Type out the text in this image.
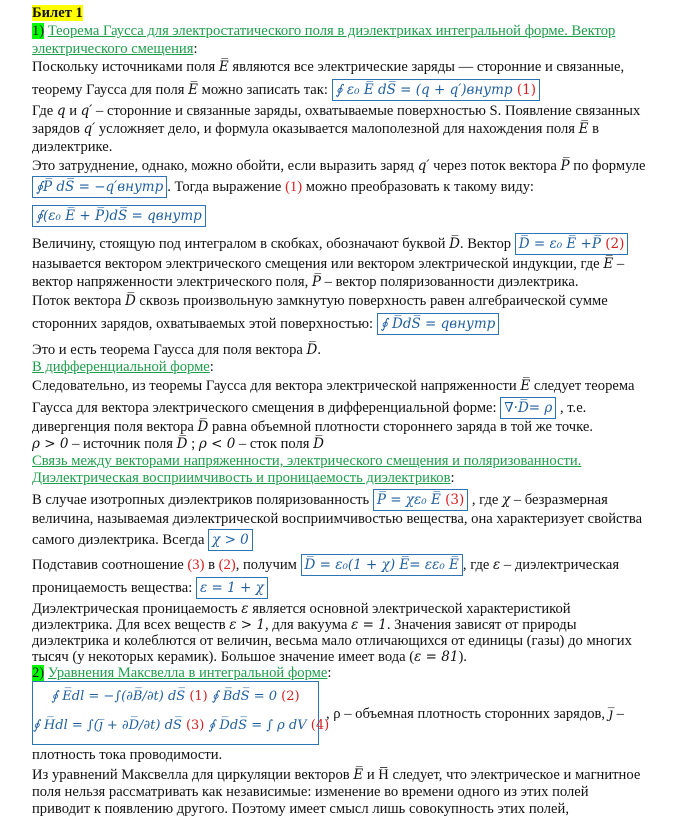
Билет 1
1) Теорема Гаусса для электростатического поля в диэлектриках интегральной форме. Вектор
электрического смещения:
Поскольку источниками поля E̅ являются все электрические заряды — сторонние и связанные,
теорему Гаусса для поля E̅ можно записать так: ∮ ε₀ E̅ dS̅ = (q + q′)внутр (1)
Где q и q′ – сторонние и связанные заряды, охватываемые поверхностью S. Появление связанных
зарядов q′ усложняет дело, и формула оказывается малополезной для нахождения поля E̅ в
диэлектрике.
Это затруднение, однако, можно обойти, если выразить заряд q′ через поток вектора P̅ по формуле
∮P̅ dS̅ = −q′внутр . Тогда выражение (1) можно преобразовать к такому виду:
∮(ε₀ E̅ + P̅)dS̅ = qвнутр
Величину, стоящую под интегралом в скобках, обозначают буквой D̅. Вектор D̅ = ε₀ E̅ +P̅ (2)
называется вектором электрического смещения или вектором электрической индукции, где E̅ –
вектор напряженности электрического поля, P̅ – вектор поляризованности диэлектрика.
Поток вектора D̅ сквозь произвольную замкнутую поверхность равен алгебраической сумме
сторонних зарядов, охватываемых этой поверхностью: ∮ D̅dS̅ = qвнутр
Это и есть теорема Гаусса для поля вектора D̅.
В дифференциальной форме:
Следовательно, из теоремы Гаусса для вектора электрической напряженности E̅ следует теорема
Гаусса для вектора электрического смещения в дифференциальной форме: ∇·D̅= ρ , т.е.
дивергенция поля вектора D̅ равна объемной плотности стороннего заряда в той же точке.
ρ > 0 – источник поля D̅ ; ρ < 0 – сток поля D̅
Связь между векторами напряженности, электрического смещения и поляризованности.
Диэлектрическая восприимчивость и проницаемость диэлектриков:
В случае изотропных диэлектриков поляризованность P̅ = χε₀ E̅ (3) , где χ – безразмерная
величина, называемая диэлектрической восприимчивостью вещества, она характеризует свойства
самого диэлектрика. Всегда χ > 0
Подставив соотношение (3) в (2), получим D̅ = ε₀(1 + χ) E̅= εε₀ E̅ , где ε – диэлектрическая
проницаемость вещества: ε = 1 + χ
Диэлектрическая проницаемость ε является основной электрической характеристикой
диэлектрика. Для всех веществ ε > 1, для вакуума ε = 1. Значения зависят от природы
диэлектрика и колеблются от величин, весьма мало отличающихся от единицы (газы) до многих
тысяч (у некоторых керамик). Большое значение имеет вода (ε = 81).
2) Уравнения Максвелла в интегральной форме:
∮ E̅dl = −∫(∂B̅/∂t) dS̅ (1) ∮ B̅dS̅ = 0 (2)
∮ H̅dl = ∫(j̅ + ∂D̅/∂t) dS̅ (3) ∮ D̅dS̅ = ∫ ρ dV (4)
, ρ – объемная плотность сторонних зарядов, j̅ –
плотность тока проводимости.
Из уравнений Максвелла для циркуляции векторов E̅ и H̅ следует, что электрическое и магнитное
поля нельзя рассматривать как независимые: изменение во времени одного из этих полей
приводит к появлению другого. Поэтому имеет смысл лишь совокупность этих полей,
